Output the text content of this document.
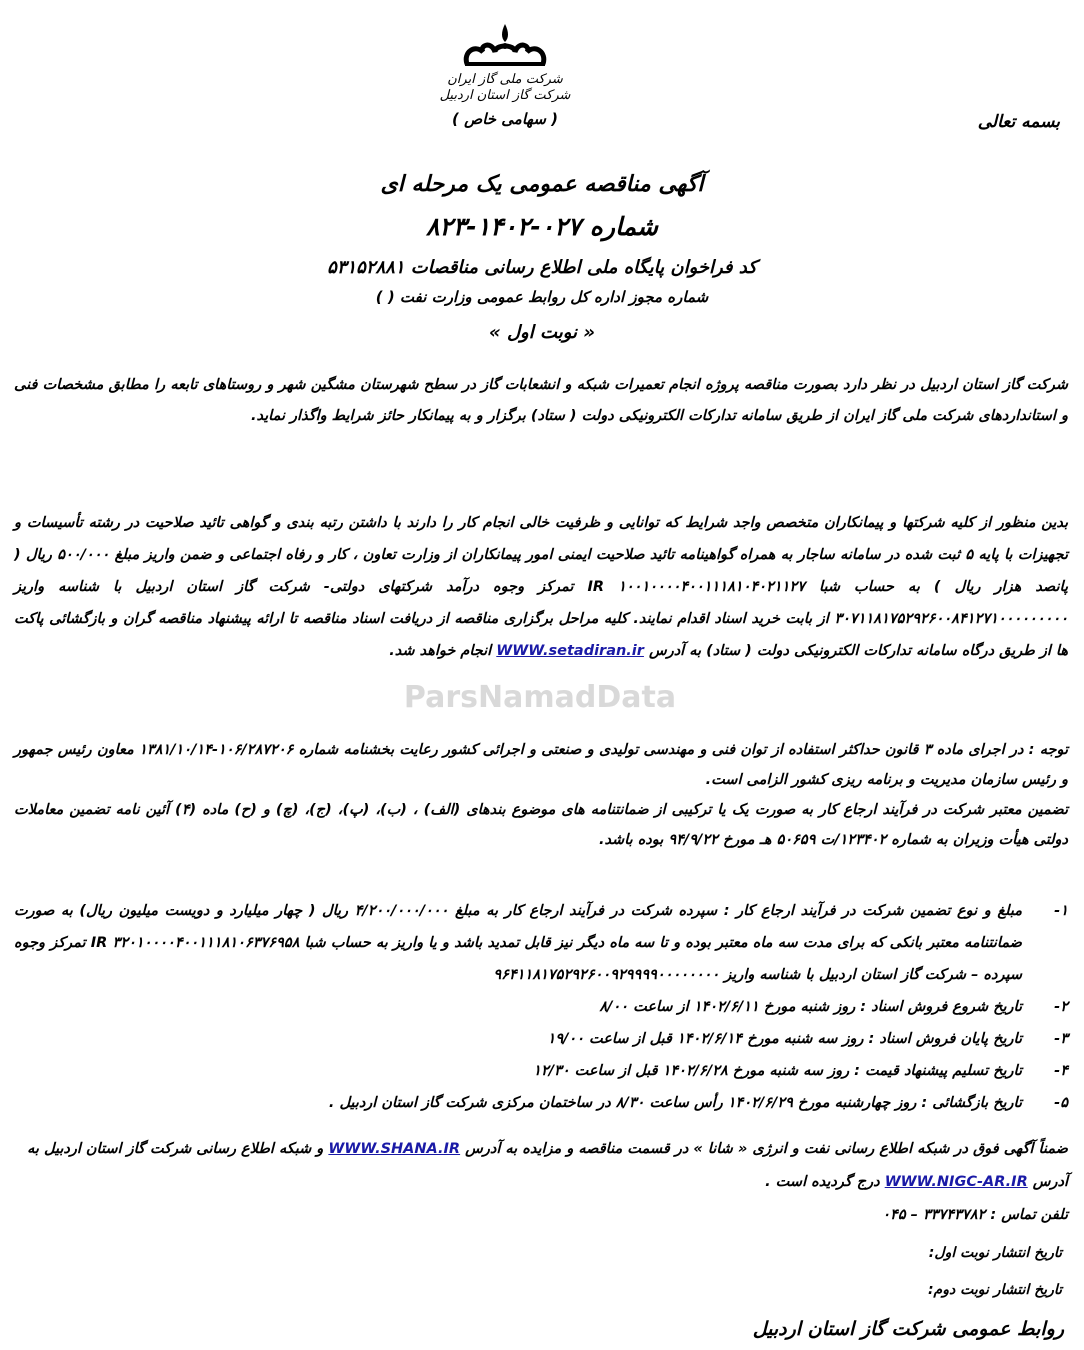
ParsNamadData
شرکت ملی گاز ایران
شرکت گاز استان اردبیل
( سهامی خاص )	بسمه تعالی
آگهی مناقصه عمومی یک مرحله ای
شماره ۰۲۷-۱۴۰۲-۸۲۳
کد فراخوان پایگاه ملی اطلاع رسانی مناقصات ۵۳۱۵۲۸۸۱
شماره مجوز اداره کل روابط عمومی وزارت نفت ( )
« نوبت اول »
شرکت گاز استان اردبیل در نظر دارد بصورت مناقصه پروژه انجام تعمیرات شبکه و انشعابات گاز در سطح شهرستان مشگین شهر و روستاهای تابعه را مطابق مشخصات فنی و استانداردهای شرکت ملی گاز ایران از طریق سامانه تدارکات الکترونیکی دولت ( ستاد) برگزار و به پیمانکار حائز شرایط واگذار نماید.
بدین منظور از کلیه شرکتها و پیمانکاران متخصص واجد شرایط که توانایی و ظرفیت خالی انجام کار را دارند با داشتن رتبه بندی و گواهی تائید صلاحیت در رشته تأسیسات و تجهیزات با پایه ۵ ثبت شده در سامانه ساجار به همراه گواهینامه تائید صلاحیت ایمنی امور پیمانکاران از وزارت تعاون ، کار و رفاه اجتماعی و ضمن واریز مبلغ ۵۰۰/۰۰۰ ریال ( پانصد هزار ریال ) به حساب شبا IR ۱۰۰۱۰۰۰۰۴۰۰۱۱۱۸۱۰۴۰۲۱۱۲۷ تمرکز وجوه درآمد شرکتهای دولتی- شرکت گاز استان اردبیل با شناسه واریز ۳۰۷۱۱۸۱۷۵۲۹۲۶۰۰۸۴۱۲۷۱۰۰۰۰۰۰۰۰۰ از بابت خرید اسناد اقدام نمایند. کلیه مراحل برگزاری مناقصه از دریافت اسناد مناقصه تا ارائه پیشنهاد مناقصه گران و بازگشائی پاکت ها از طریق درگاه سامانه تدارکات الکترونیکی دولت ( ستاد) به آدرس WWW.setadiran.ir انجام خواهد شد.
توجه : در اجرای ماده ۳ قانون حداکثر استفاده از توان فنی و مهندسی تولیدی و صنعتی و اجرائی کشور رعایت بخشنامه شماره ۱۰۶/۲۸۷۲۰۶-۱۳۸۱/۱۰/۱۴ معاون رئیس جمهور و رئیس سازمان مدیریت و برنامه ریزی کشور الزامی است.
تضمین معتبر شرکت در فرآیند ارجاع کار به صورت یک یا ترکیبی از ضمانتنامه های موضوع بندهای (الف) ، (ب)، (پ)، (ج)، (چ) و (ح) ماده (۴) آئین نامه تضمین معاملات دولتی هیأت وزیران به شماره ۱۲۳۴۰۲/ت ۵۰۶۵۹ هـ مورخ ۹۴/۹/۲۲ بوده باشد.
۱-
مبلغ و نوع تضمین شرکت در فرآیند ارجاع کار : سپرده شرکت در فرآیند ارجاع کار به مبلغ ۴/۲۰۰/۰۰۰/۰۰۰ ریال ( چهار میلیارد و دویست میلیون ریال) به صورت ضمانتنامه معتبر بانکی که برای مدت سه ماه معتبر بوده و تا سه ماه دیگر نیز قابل تمدید باشد و یا واریز به حساب شبا IR ۳۲۰۱۰۰۰۰۴۰۰۱۱۱۸۱۰۶۳۷۶۹۵۸ تمرکز وجوه سپرده – شرکت گاز استان اردبیل با شناسه واریز ۹۶۴۱۱۸۱۷۵۲۹۲۶۰۰۹۲۹۹۹۹۰۰۰۰۰۰۰۰
۲-
تاریخ شروع فروش اسناد : روز شنبه مورخ ۱۴۰۲/۶/۱۱ از ساعت ۸/۰۰
۳-
تاریخ پایان فروش اسناد : روز سه شنبه مورخ ۱۴۰۲/۶/۱۴ قبل از ساعت ۱۹/۰۰
۴-
تاریخ تسلیم پیشنهاد قیمت : روز سه شنبه مورخ ۱۴۰۲/۶/۲۸ قبل از ساعت ۱۲/۳۰
۵-
تاریخ بازگشائی : روز چهارشنبه مورخ ۱۴۰۲/۶/۲۹ رأس ساعت ۸/۳۰ در ساختمان مرکزی شرکت گاز استان اردبیل .
ضمناً آگهی فوق در شبکه اطلاع رسانی نفت و انرژی « شانا » در قسمت مناقصه و مزایده به آدرس WWW.SHANA.IR و شبکه اطلاع رسانی شرکت گاز استان اردبیل به آدرس WWW.NIGC-AR.IR درج گردیده است .
تلفن تماس : ۳۳۷۴۳۷۸۲ – ۰۴۵
تاریخ انتشار نوبت اول:
تاریخ انتشار نوبت دوم:
روابط عمومی شرکت گاز استان اردبیل
